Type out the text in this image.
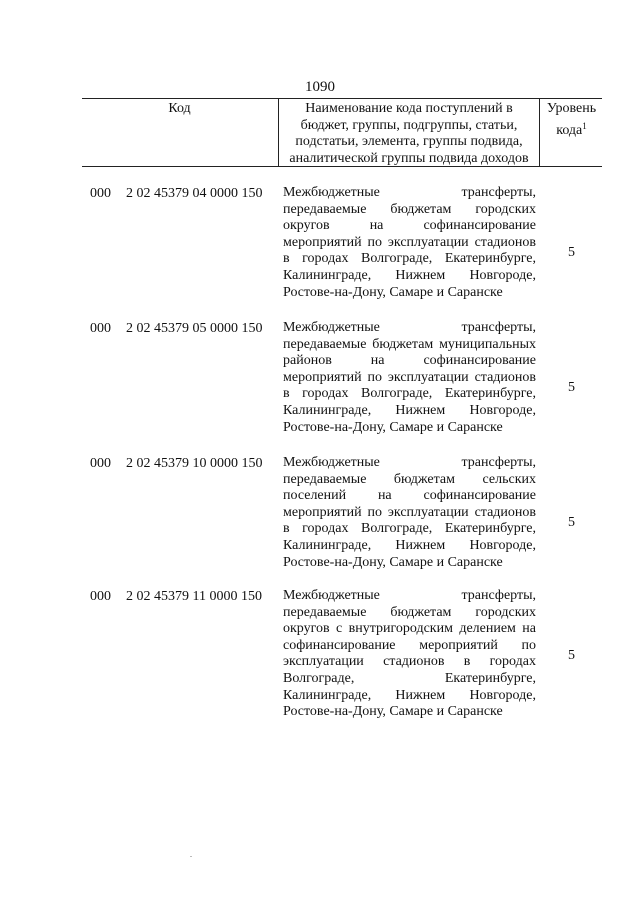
1090
Код	Наименование кода поступлений в бюджет, группы, подгруппы, статьи, подстатьи, элемента, группы подвида, аналитической группы подвида доходов
Уровень кода$^1$
000 2 02 45379 04 0000 150 Межбюджетные трансферты, передаваемые бюджетам городских округов на софинансирование мероприятий по эксплуатации стадионов в городах Волгограде, Екатеринбурге, Калининграде, Нижнем Новгороде, Ростове-на-Дону, Самаре и Саранске
5
000 2 02 45379 05 0000 150 Межбюджетные трансферты, передаваемые бюджетам муниципальных районов на софинансирование мероприятий по эксплуатации стадионов в городах Волгограде, Екатеринбурге, Калининграде, Нижнем Новгороде, Ростове-на-Дону, Самаре и Саранске
5
000 2 02 45379 10 0000 150 Межбюджетные трансферты, передаваемые бюджетам сельских поселений на софинансирование мероприятий по эксплуатации стадионов в городах Волгограде, Екатеринбурге, Калининграде, Нижнем Новгороде, Ростове-на-Дону, Самаре и Саранске
5
000 2 02 45379 11 0000 150 Межбюджетные трансферты, передаваемые бюджетам городских округов с внутригородским делением на софинансирование мероприятий по эксплуатации стадионов в городах Волгограде, Екатеринбурге, Калининграде, Нижнем Новгороде, Ростове-на-Дону, Самаре и Саранске
5
